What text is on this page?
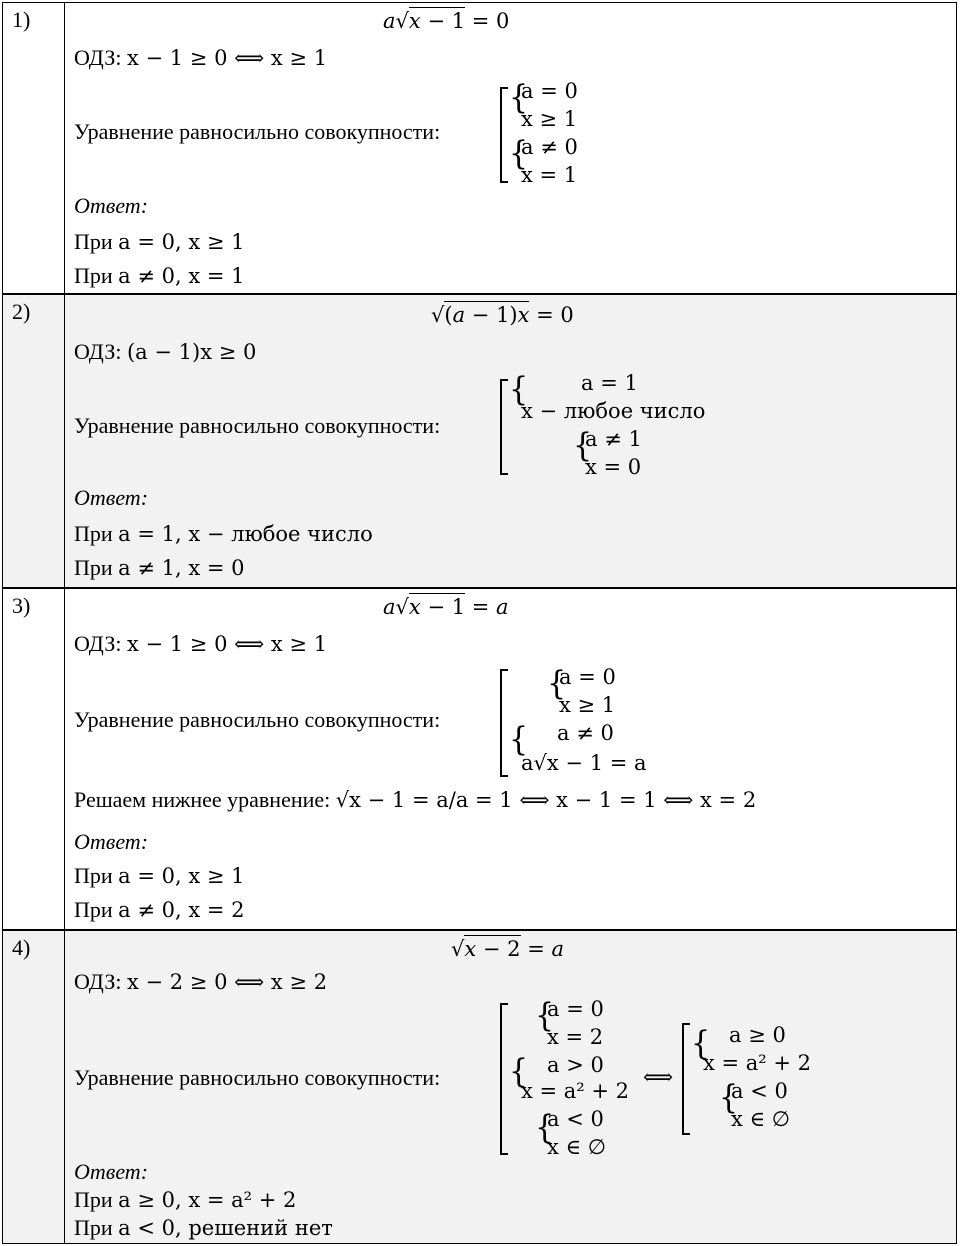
1)	a√x − 1 = 0
ОДЗ: x − 1 ≥ 0 ⟺ x ≥ 1
Уравнение равносильно совокупности:
{
a = 0
x ≥ 1
{
a ≠ 0
x = 1
Ответ:
При a = 0, x ≥ 1
При a ≠ 0, x = 1
2)	√(a − 1)x = 0
ОДЗ: (a − 1)x ≥ 0
Уравнение равносильно совокупности:
{	a = 1
x − любое число
{
a ≠ 1
x = 0
Ответ:
При a = 1, x − любое число
При a ≠ 1, x = 0
3)	a√x − 1 = a
ОДЗ: x − 1 ≥ 0 ⟺ x ≥ 1
Уравнение равносильно совокупности:
{
a = 0
x ≥ 1
{ a ≠ 0
a√x − 1 = a
Решаем нижнее уравнение: √x − 1 = a/a = 1 ⟺ x − 1 = 1 ⟺ x = 2
Ответ:
При a = 0, x ≥ 1
При a ≠ 0, x = 2
4)	√x − 2 = a
ОДЗ: x − 2 ≥ 0 ⟺ x ≥ 2
Уравнение равносильно совокупности:
{
a = 0
x = 2
{ a > 0
x = a² + 2
{
a < 0
x ∈ ∅
⟺
{ a ≥ 0
x = a² + 2
{
a < 0
x ∈ ∅
Ответ:
При a ≥ 0, x = a² + 2
При a < 0, решений нет
